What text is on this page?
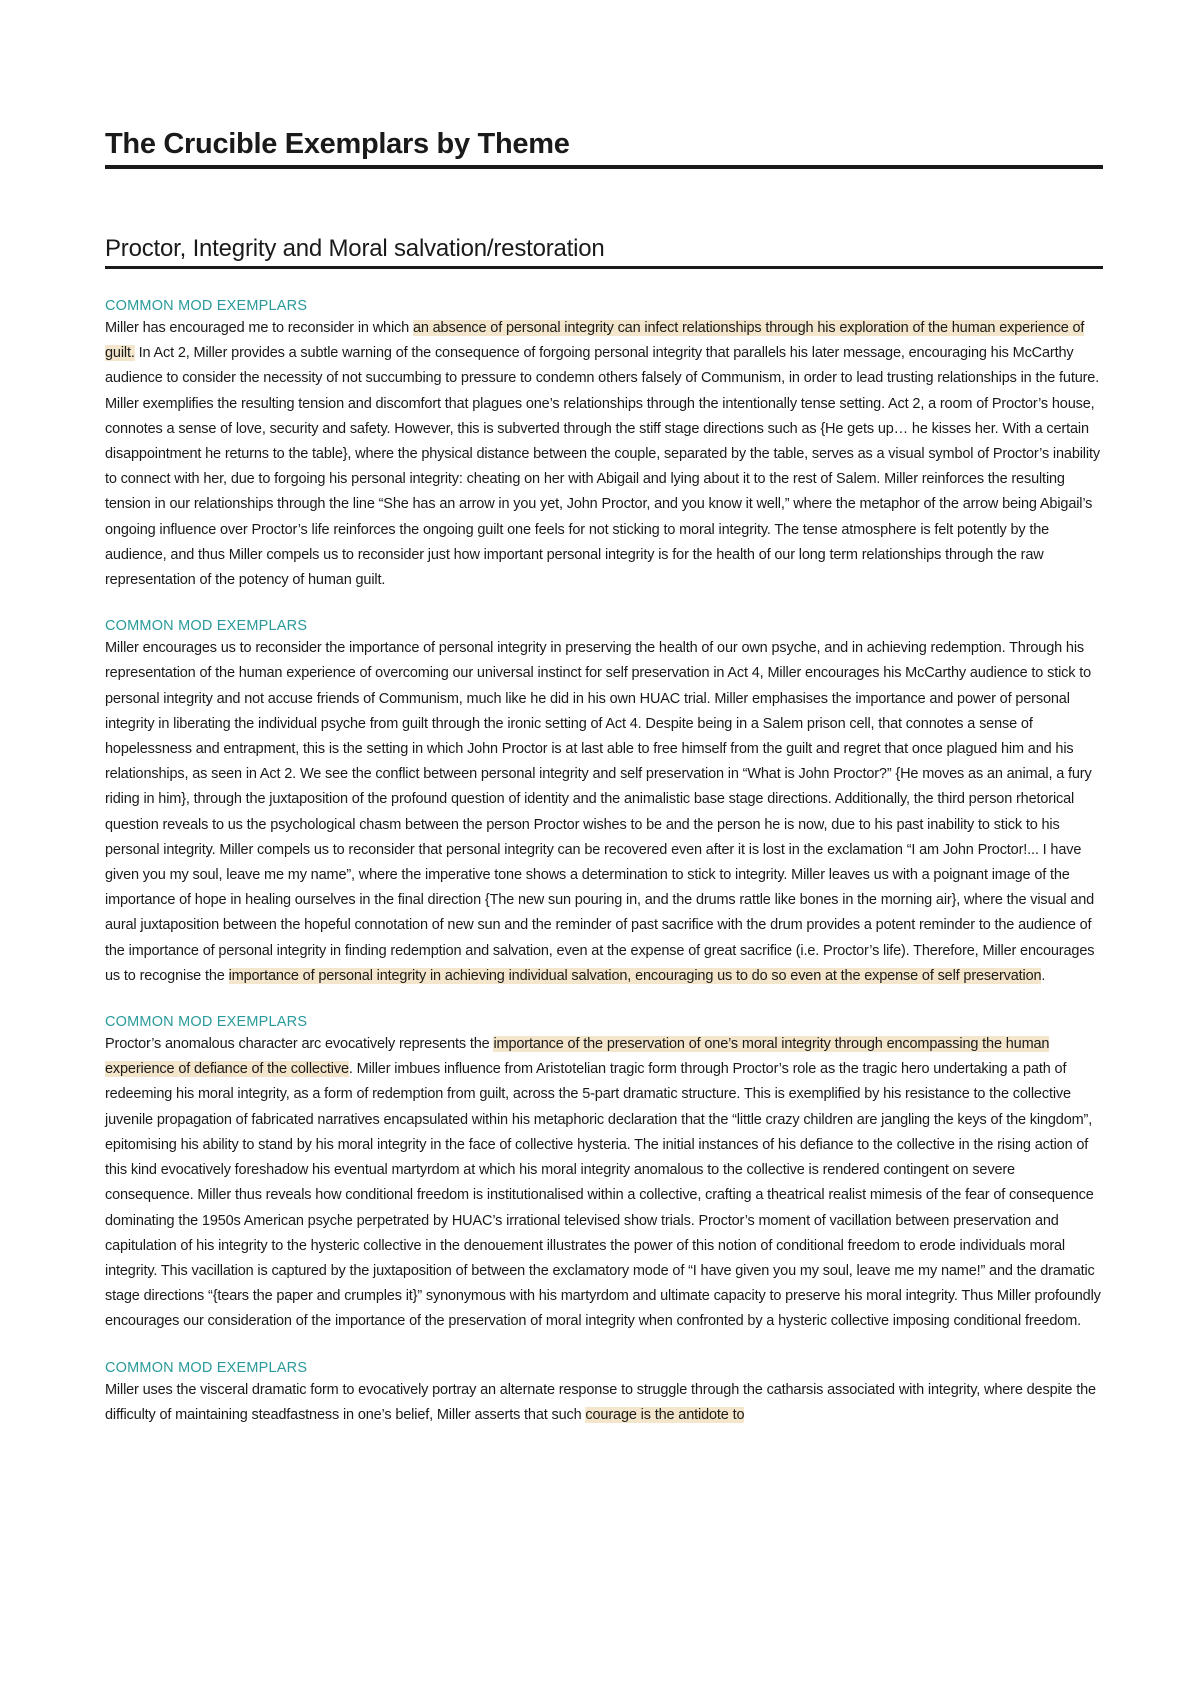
The Crucible Exemplars by Theme
Proctor, Integrity and Moral salvation/restoration

COMMON MOD EXEMPLARS

Miller has encouraged me to reconsider in which an absence of personal integrity can infect relationships through his exploration of the human experience of guilt. In Act 2, Miller provides a subtle warning of the consequence of forgoing personal integrity that parallels his later message, encouraging his McCarthy audience to consider the necessity of not succumbing to pressure to condemn others falsely of Communism, in order to lead trusting relationships in the future. Miller exemplifies the resulting tension and discomfort that plagues one’s relationships through the intentionally tense setting. Act 2, a room of Proctor’s house, connotes a sense of love, security and safety. However, this is subverted through the stiff stage directions such as {He gets up… he kisses her. With a certain disappointment he returns to the table}, where the physical distance between the couple, separated by the table, serves as a visual symbol of Proctor’s inability to connect with her, due to forgoing his personal integrity: cheating on her with Abigail and lying about it to the rest of Salem. Miller reinforces the resulting tension in our relationships through the line “She has an arrow in you yet, John Proctor, and you know it well,” where the metaphor of the arrow being Abigail’s ongoing influence over Proctor’s life reinforces the ongoing guilt one feels for not sticking to moral integrity. The tense atmosphere is felt potently by the audience, and thus Miller compels us to reconsider just how important personal integrity is for the health of our long term relationships through the raw representation of the potency of human guilt.

COMMON MOD EXEMPLARS

Miller encourages us to reconsider the importance of personal integrity in preserving the health of our own psyche, and in achieving redemption. Through his representation of the human experience of overcoming our universal instinct for self preservation in Act 4, Miller encourages his McCarthy audience to stick to personal integrity and not accuse friends of Communism, much like he did in his own HUAC trial. Miller emphasises the importance and power of personal integrity in liberating the individual psyche from guilt through the ironic setting of Act 4. Despite being in a Salem prison cell, that connotes a sense of hopelessness and entrapment, this is the setting in which John Proctor is at last able to free himself from the guilt and regret that once plagued him and his relationships, as seen in Act 2. We see the conflict between personal integrity and self preservation in “What is John Proctor?” {He moves as an animal, a fury riding in him}, through the juxtaposition of the profound question of identity and the animalistic base stage directions. Additionally, the third person rhetorical question reveals to us the psychological chasm between the person Proctor wishes to be and the person he is now, due to his past inability to stick to his personal integrity. Miller compels us to reconsider that personal integrity can be recovered even after it is lost in the exclamation “I am John Proctor!... I have given you my soul, leave me my name”, where the imperative tone shows a determination to stick to integrity. Miller leaves us with a poignant image of the importance of hope in healing ourselves in the final direction {The new sun pouring in, and the drums rattle like bones in the morning air}, where the visual and aural juxtaposition between the hopeful connotation of new sun and the reminder of past sacrifice with the drum provides a potent reminder to the audience of the importance of personal integrity in finding redemption and salvation, even at the expense of great sacrifice (i.e. Proctor’s life). Therefore, Miller encourages us to recognise the importance of personal integrity in achieving individual salvation, encouraging us to do so even at the expense of self preservation.

COMMON MOD EXEMPLARS

Proctor’s anomalous character arc evocatively represents the importance of the preservation of one’s moral integrity through encompassing the human experience of defiance of the collective. Miller imbues influence from Aristotelian tragic form through Proctor’s role as the tragic hero undertaking a path of redeeming his moral integrity, as a form of redemption from guilt, across the 5-part dramatic structure. This is exemplified by his resistance to the collective juvenile propagation of fabricated narratives encapsulated within his metaphoric declaration that the “little crazy children are jangling the keys of the kingdom”, epitomising his ability to stand by his moral integrity in the face of collective hysteria. The initial instances of his defiance to the collective in the rising action of this kind evocatively foreshadow his eventual martyrdom at which his moral integrity anomalous to the collective is rendered contingent on severe consequence. Miller thus reveals how conditional freedom is institutionalised within a collective, crafting a theatrical realist mimesis of the fear of consequence dominating the 1950s American psyche perpetrated by HUAC’s irrational televised show trials. Proctor’s moment of vacillation between preservation and capitulation of his integrity to the hysteric collective in the denouement illustrates the power of this notion of conditional freedom to erode individuals moral integrity. This vacillation is captured by the juxtaposition of between the exclamatory mode of “I have given you my soul, leave me my name!” and the dramatic stage directions “{tears the paper and crumples it}” synonymous with his martyrdom and ultimate capacity to preserve his moral integrity. Thus Miller profoundly encourages our consideration of the importance of the preservation of moral integrity when confronted by a hysteric collective imposing conditional freedom.

COMMON MOD EXEMPLARS

Miller uses the visceral dramatic form to evocatively portray an alternate response to struggle through the catharsis associated with integrity, where despite the difficulty of maintaining steadfastness in one’s belief, Miller asserts that such courage is the antidote to
